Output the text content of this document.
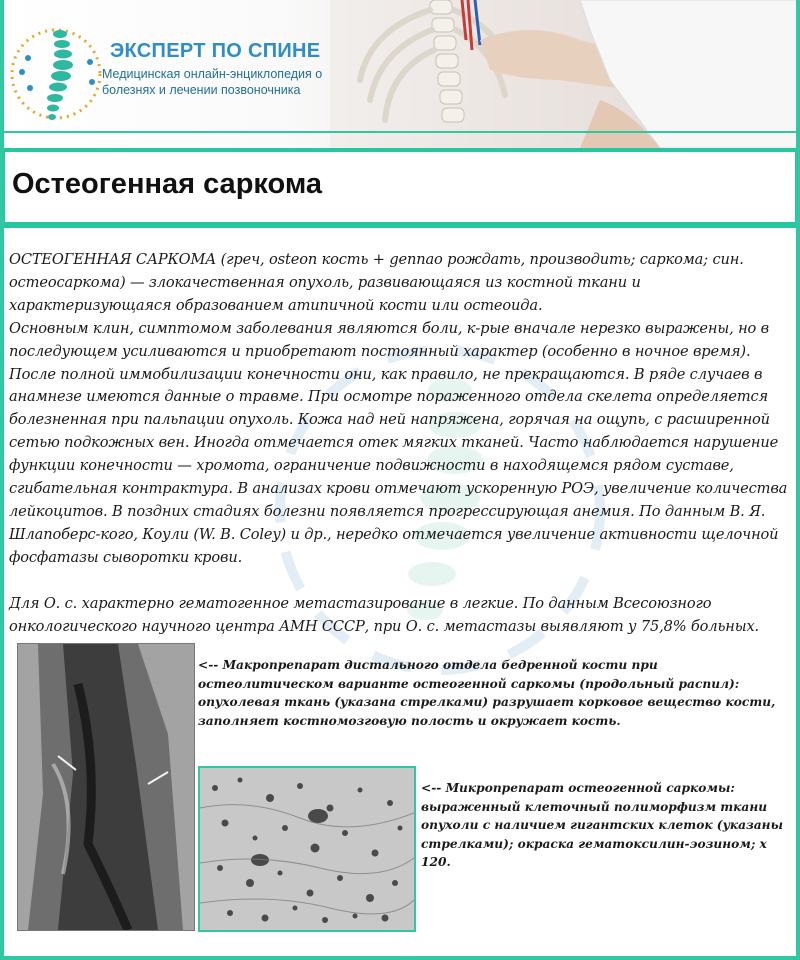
ЭКСПЕРТ ПО СПИНЕ
Медицинская онлайн-энциклопедия о болезнях и лечении позвоночника
Остеогенная саркома

ОСТЕОГЕННАЯ САРКОМА (греч, osteon кость + gennao рождать, производить; саркома; син. остеосаркома) — злокачественная опухоль, развивающаяся из костной ткани и характеризующаяся образованием атипичной кости или остеоида.

Основным клин, симптомом заболевания являются боли, к-рые вначале нерезко выражены, но в последующем усиливаются и приобретают постоянный характер (особенно в ночное время). После полной иммобилизации конечности они, как правило, не прекращаются. В ряде случаев в анамнезе имеются данные о травме. При осмотре пораженного отдела скелета определяется болезненная при пальпации опухоль. Кожа над ней напряжена, горячая на ощупь, с расширенной сетью подкожных вен. Иногда отмечается отек мягких тканей. Часто наблюдается нарушение функции конечности — хромота, ограничение подвижности в находящемся рядом суставе, сгибательная контрактура. В анализах крови отмечают ускоренную РОЭ, увеличение количества лейкоцитов. В поздних стадиях болезни появляется прогрессирующая анемия. По данным В. Я. Шлапоберс-кого, Коули (W. B. Coley) и др., нередко отмечается увеличение активности щелочной фосфатазы сыворотки крови.

Для О. с. характерно гематогенное метастазирование в легкие. По данным Всесоюзного онкологического научного центра АМН СССР, при О. с. метастазы выявляют у 75,8% больных.

<-- Макропрепарат дистального отдела бедренной кости при остеолитическом варианте остеогенной саркомы (продольный распил): опухолевая ткань (указана стрелками) разрушает корковое вещество кости, заполняет костномозговую полость и окружает кость.
<-- Микропрепарат остеогенной саркомы: выраженный клеточный полиморфизм ткани опухоли с наличием гигантских клеток (указаны стрелками); окраска гематоксилин-эозином; х 120.
